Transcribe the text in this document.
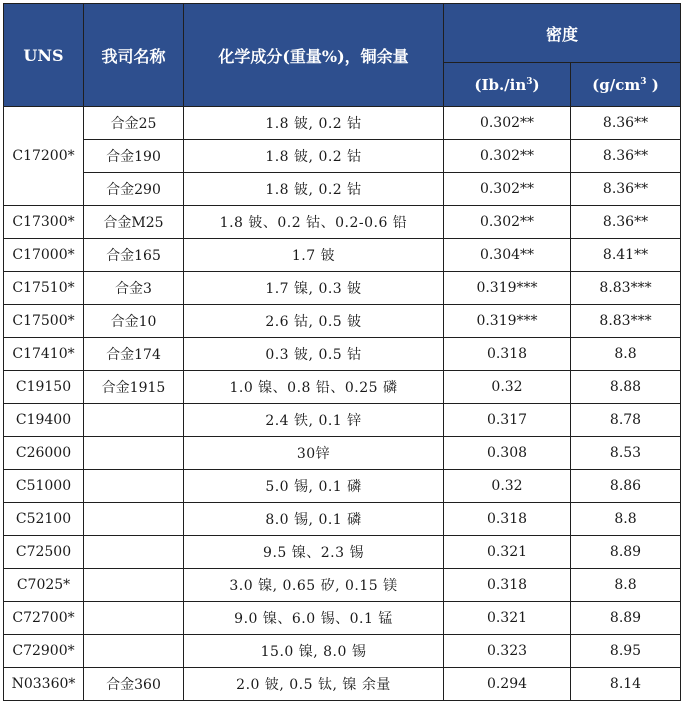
UNS	我司名称	化学成分(重量%)，铜余量	密度	
			$(Ib./in^3)$	($g/cm^3$ )
C17200*	合金25	1.8 铍, 0.2 钴	0.302**	8.36**
	合金190	1.8 铍, 0.2 钴	0.302**	8.36**
	合金290	1.8 铍, 0.2 钴	0.302**	8.36**
C17300*	合金M25	1.8 铍、0.2 钴、0.2-0.6 铅	0.302**	8.36**
C17000*	合金165	1.7 铍	0.304**	8.41**
C17510*	合金3	1.7 镍, 0.3 铍	0.319***	8.83***
C17500*	合金10	2.6 钴, 0.5 铍	0.319***	8.83***
C17410*	合金174	0.3 铍, 0.5 钴	0.318	8.8
C19150	合金1915	1.0 镍、0.8 铅、0.25 磷	0.32	8.88
C19400		2.4 铁, 0.1 锌	0.317	8.78
C26000		30锌	0.308	8.53
C51000		5.0 锡, 0.1 磷	0.32	8.86
C52100		8.0 锡, 0.1 磷	0.318	8.8
C72500		9.5 镍、2.3 锡	0.321	8.89
C7025*		3.0 镍, 0.65 矽, 0.15 镁	0.318	8.8
C72700*		9.0 镍、6.0 锡、0.1 锰	0.321	8.89
C72900*		15.0 镍, 8.0 锡	0.323	8.95
N03360*	合金360	2.0 铍, 0.5 钛, 镍 余量	0.294	8.14
